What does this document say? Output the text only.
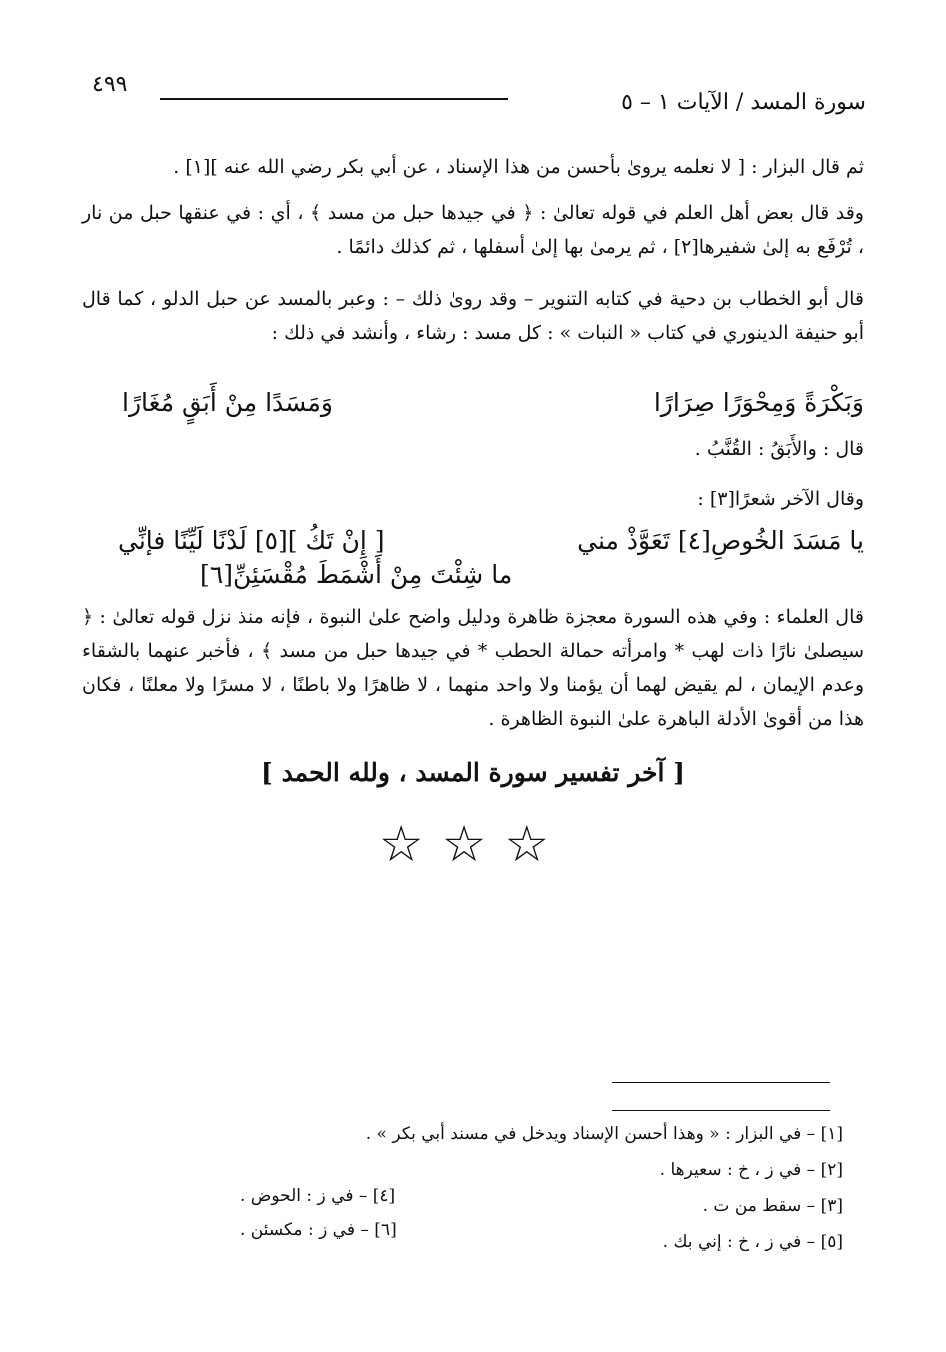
٤٩٩
سورة المسد / الآيات ١ – ٥
ثم قال البزار : [ لا نعلمه يروىٰ بأحسن من هذا الإسناد ، عن أبي بكر رضي الله عنه ][١] .
وقد قال بعض أهل العلم في قوله تعالىٰ : ﴿ في جيدها حبل من مسد ﴾ ، أي : في عنقها حبل من نار ، تُرْفَع به إلىٰ شفيرها[٢] ، ثم يرمىٰ بها إلىٰ أسفلها ، ثم كذلك دائمًا .
قال أبو الخطاب بن دحية في كتابه التنوير – وقد روىٰ ذلك – : وعبر بالمسد عن حبل الدلو ، كما قال أبو حنيفة الدينوري في كتاب « النبات » : كل مسد : رشاء ، وأنشد في ذلك :
وَبَكْرَةً وَمِحْوَرًا صِرَارًا
وَمَسَدًا مِنْ أَبَقٍ مُغَارًا
قال : والأَبَقُ : القُنَّبُ .
وقال الآخر شعرًا[٣] :
يا مَسَدَ الخُوصِ[٤] تَعَوَّذْ مني
[ إِنْ تَكُ ][٥] لَدْنًا لَيِّنًا فإنِّي
ما شِئْتَ مِنْ أَشْمَطَ مُقْسَئِنِّ[٦]
قال العلماء : وفي هذه السورة معجزة ظاهرة ودليل واضح علىٰ النبوة ، فإنه منذ نزل قوله تعالىٰ : ﴿ سيصلىٰ نارًا ذات لهب * وامرأته حمالة الحطب * في جيدها حبل من مسد ﴾ ، فأخبر عنهما بالشقاء وعدم الإيمان ، لم يقيض لهما أن يؤمنا ولا واحد منهما ، لا ظاهرًا ولا باطنًا ، لا مسرًا ولا معلنًا ، فكان هذا من أقوىٰ الأدلة الباهرة علىٰ النبوة الظاهرة .
[ آخر تفسير سورة المسد ، ولله الحمد ]
☆☆☆
[١] – في البزار : « وهذا أحسن الإسناد ويدخل في مسند أبي بكر » .
[٢] – في ز ، خ : سعيرها .
[٣] – سقط من ت .
[٥] – في ز ، خ : إني بك .
[٤] – في ز : الحوض .
[٦] – في ز : مكسئن .
